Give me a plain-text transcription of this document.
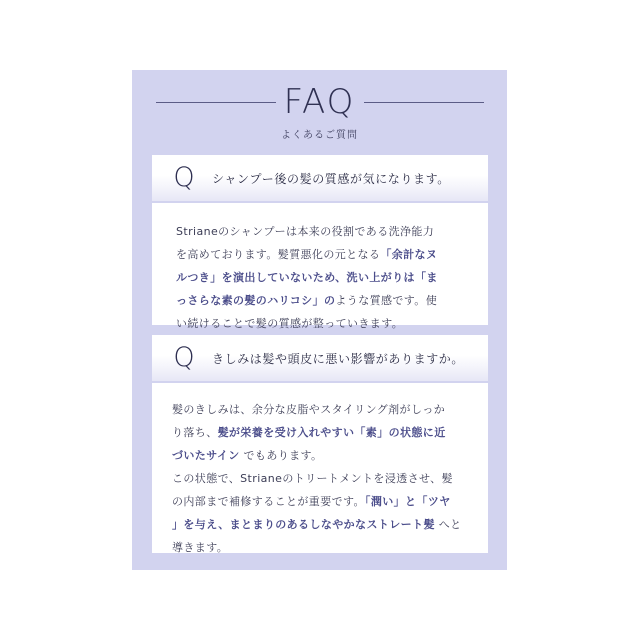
FAQ
よくあるご質問
Q	シャンプー後の髪の質感が気になります。
Strianeのシャンプーは本来の役割である洗浄能力
を高めております。髪質悪化の元となる「余計なヌ
ルつき」を演出していないため、洗い上がりは「ま
っさらな素の髪のハリコシ」のような質感です。使
い続けることで髪の質感が整っていきます。
Q	きしみは髪や頭皮に悪い影響がありますか。
髪のきしみは、余分な皮脂やスタイリング剤がしっか
り落ち、髪が栄養を受け入れやすい「素」の状態に近
づいたサイン でもあります。
この状態で、Strianeのトリートメントを浸透させ、髪
の内部まで補修することが重要です。「潤い」と「ツヤ
」を与え、まとまりのあるしなやかなストレート髪 へと
導きます。
